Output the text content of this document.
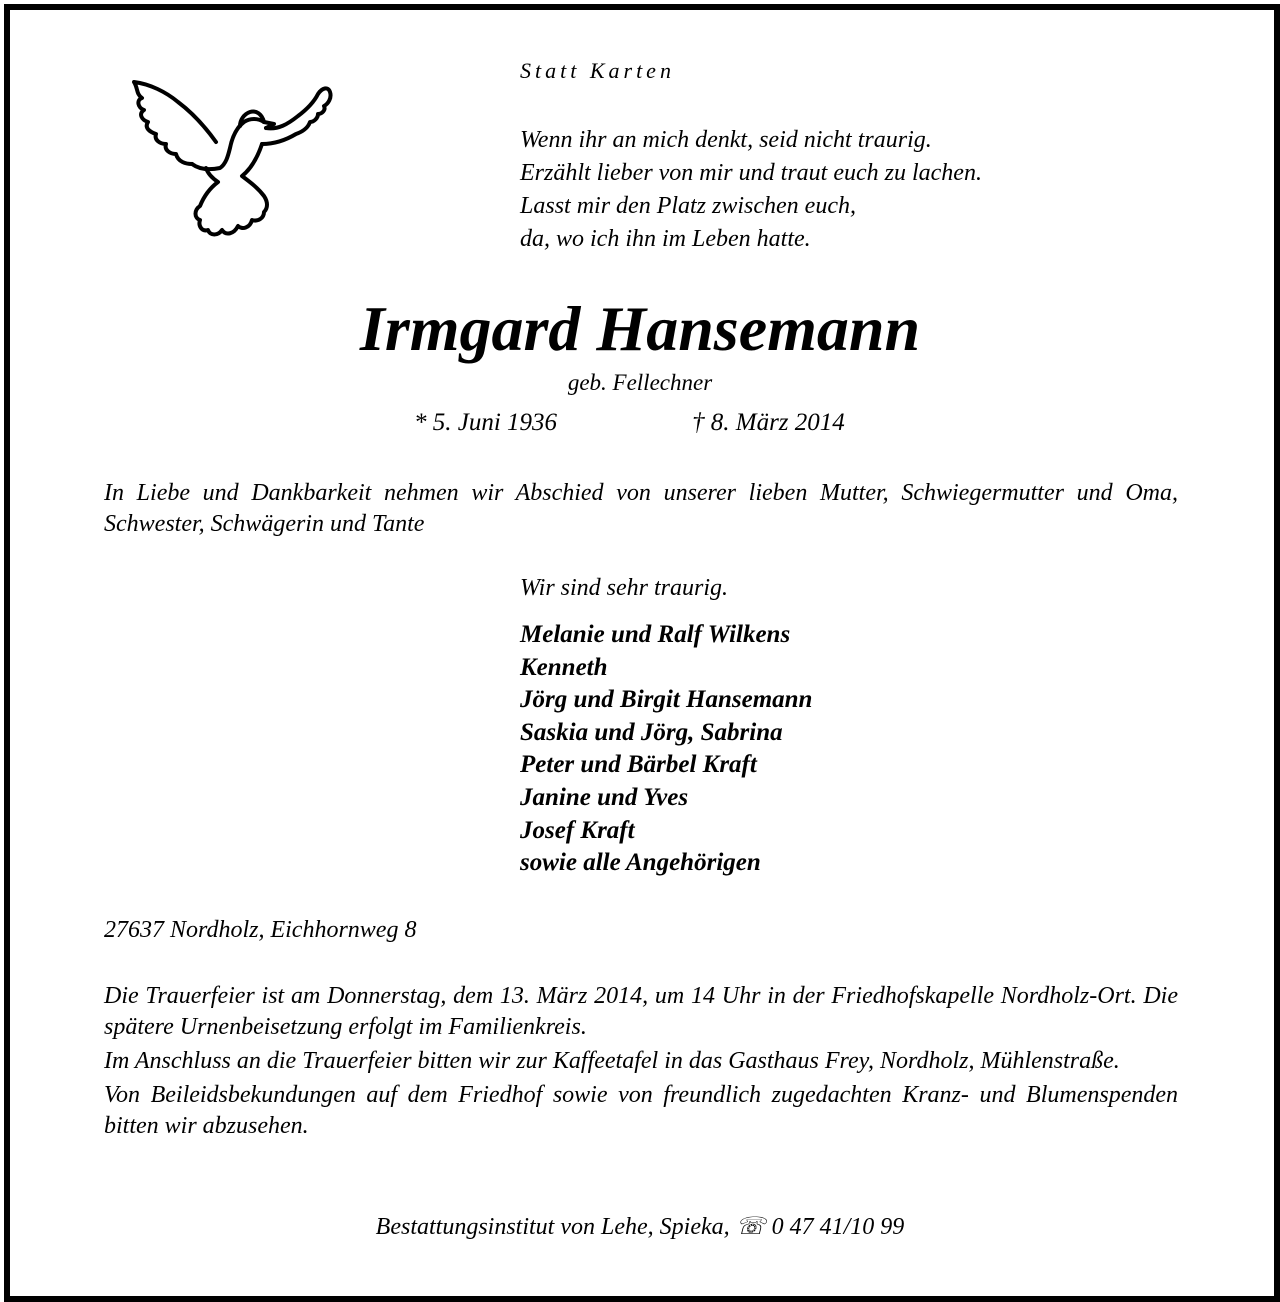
Statt Karten
Wenn ihr an mich denkt, seid nicht traurig.
Erzählt lieber von mir und traut euch zu lachen.
Lasst mir den Platz zwischen euch,
da, wo ich ihn im Leben hatte.
Irmgard Hansemann
geb. Fellechner
* 5. Juni 1936	† 8. März 2014
In Liebe und Dankbarkeit nehmen wir Abschied von unserer lieben Mutter, Schwiegermutter und Oma, Schwester, Schwägerin und Tante
Wir sind sehr traurig.
Melanie und Ralf Wilkens
Kenneth
Jörg und Birgit Hansemann
Saskia und Jörg, Sabrina
Peter und Bärbel Kraft
Janine und Yves
Josef Kraft
sowie alle Angehörigen
27637 Nordholz, Eichhornweg 8

Die Trauerfeier ist am Donnerstag, dem 13. März 2014, um 14 Uhr in der Friedhofskapelle Nordholz-Ort. Die spätere Urnenbeisetzung erfolgt im Familienkreis.

Im Anschluss an die Trauerfeier bitten wir zur Kaffeetafel in das Gasthaus Frey, Nordholz, Mühlenstraße.

Von Beileidsbekundungen auf dem Friedhof sowie von freundlich zugedachten Kranz- und Blumenspenden bitten wir abzusehen.

Bestattungsinstitut von Lehe, Spieka, ☏ 0 47 41/10 99
